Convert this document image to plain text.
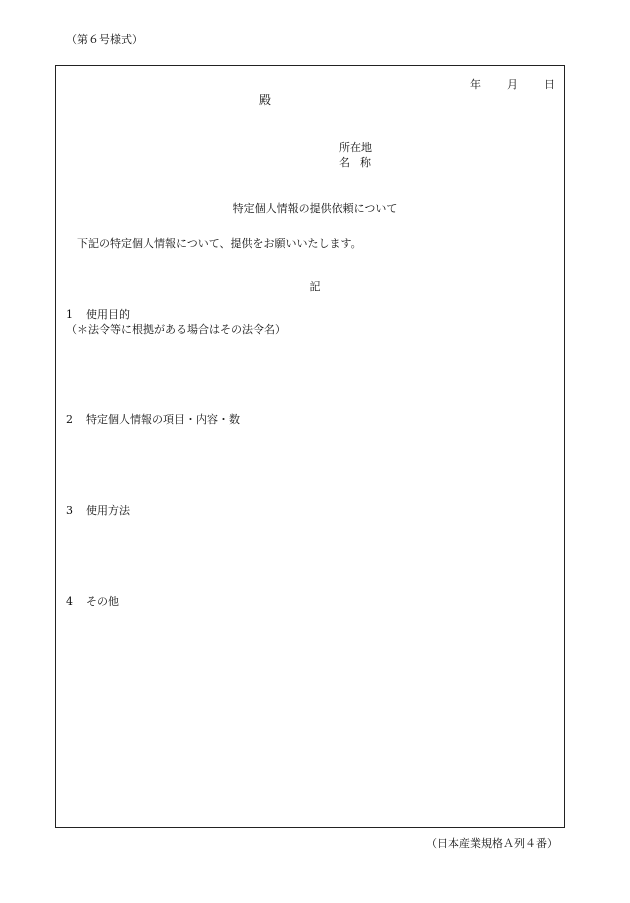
（第６号様式）
年 月 日
殿
所在地
名称
特定個人情報の提供依頼について
下記の特定個人情報について、提供をお願いいたします。
記
1 使用目的
（＊法令等に根拠がある場合はその法令名）
2 特定個人情報の項目・内容・数
3 使用方法
4 その他
（日本産業規格Ａ列４番）
